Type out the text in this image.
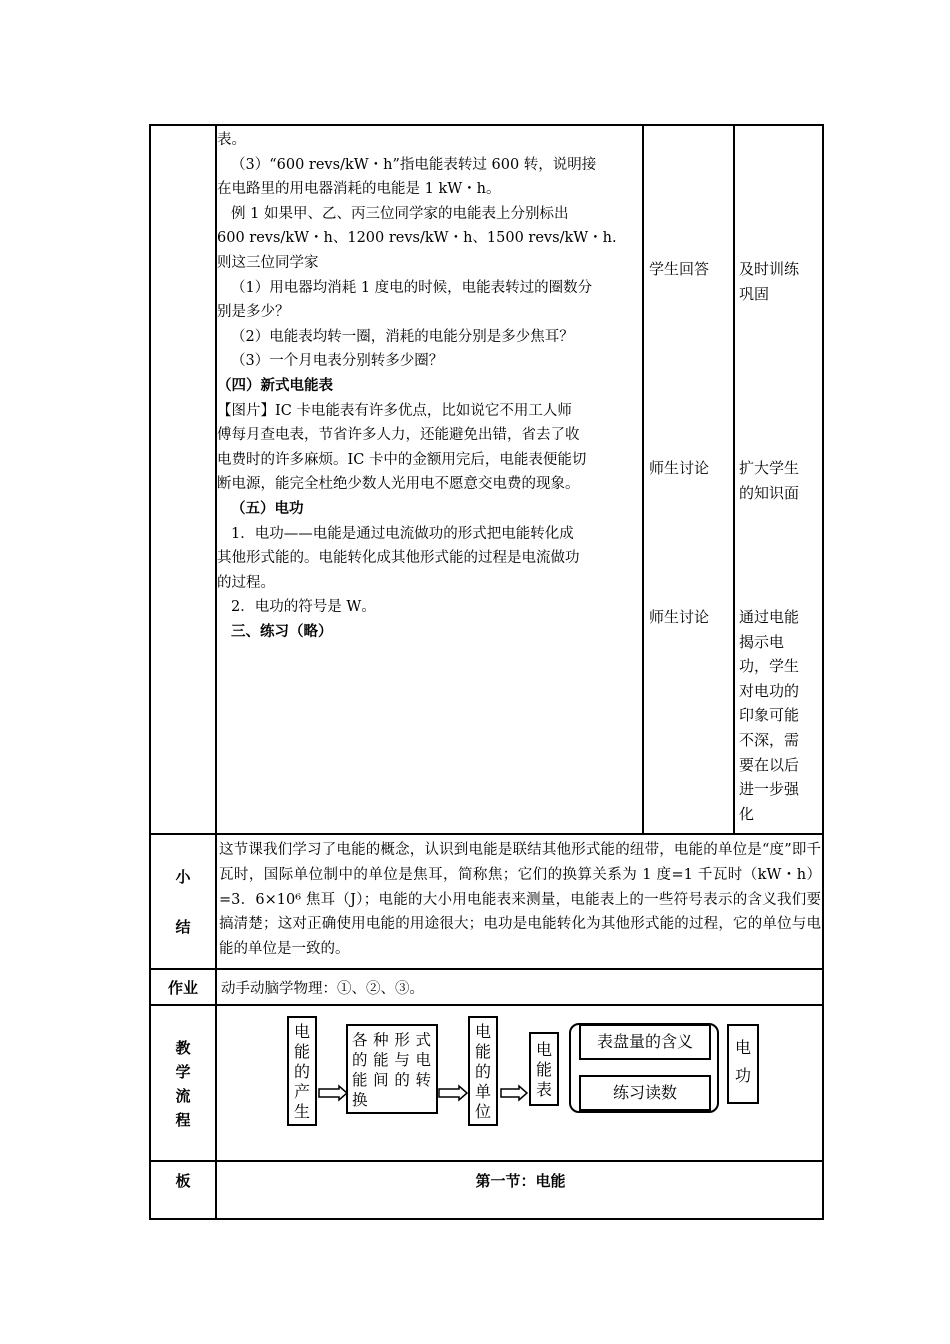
表。

（3）“600 revs/kW・h”指电能表转过 600 转，说明接

在电路里的用电器消耗的电能是 1 kW・h。

例 1 如果甲、乙、丙三位同学家的电能表上分别标出

600 revs/kW・h、1200 revs/kW・h、1500 revs/kW・h.

则这三位同学家

（1）用电器均消耗 1 度电的时候，电能表转过的圈数分

别是多少？

（2）电能表均转一圈，消耗的电能分别是多少焦耳？

（3）一个月电表分别转多少圈？

（四）新式电能表

【图片】IC 卡电能表有许多优点，比如说它不用工人师

傅每月查电表，节省许多人力，还能避免出错，省去了收

电费时的许多麻烦。IC 卡中的金额用完后，电能表便能切

断电源，能完全杜绝少数人光用电不愿意交电费的现象。

（五）电功

1．电功——电能是通过电流做功的形式把电能转化成

其他形式能的。电能转化成其他形式能的过程是电流做功

的过程。

2．电功的符号是 W。

三、练习（略）

学生回答 及时训练
巩固
师生讨论 扩大学生
的知识面
师生讨论 通过电能
揭示电
功，学生
对电功的
印象可能
不深，需
要在以后
进一步强
化
小
结
这节课我们学习了电能的概念，认识到电能是联结其他形式能的纽带，电能的单位是“度”即千瓦时，国际单位制中的单位是焦耳，简称焦；它们的换算关系为 1 度=1 千瓦时（kW・h）=3．6×10⁶ 焦耳（J）；电能的大小用电能表来测量，电能表上的一些符号表示的含义我们要搞清楚；这对正确使用电能的用途很大；电功是电能转化为其他形式能的过程，它的单位与电能的单位是一致的。
作业	动手动脑学物理：①、②、③。
教
学
流
程
电
能
的
产
生
各种形式的能与电能间的转换
电
能
的
单
位
电
能
表
表盘量的含义
练习读数
电
功
板	第一节：电能
